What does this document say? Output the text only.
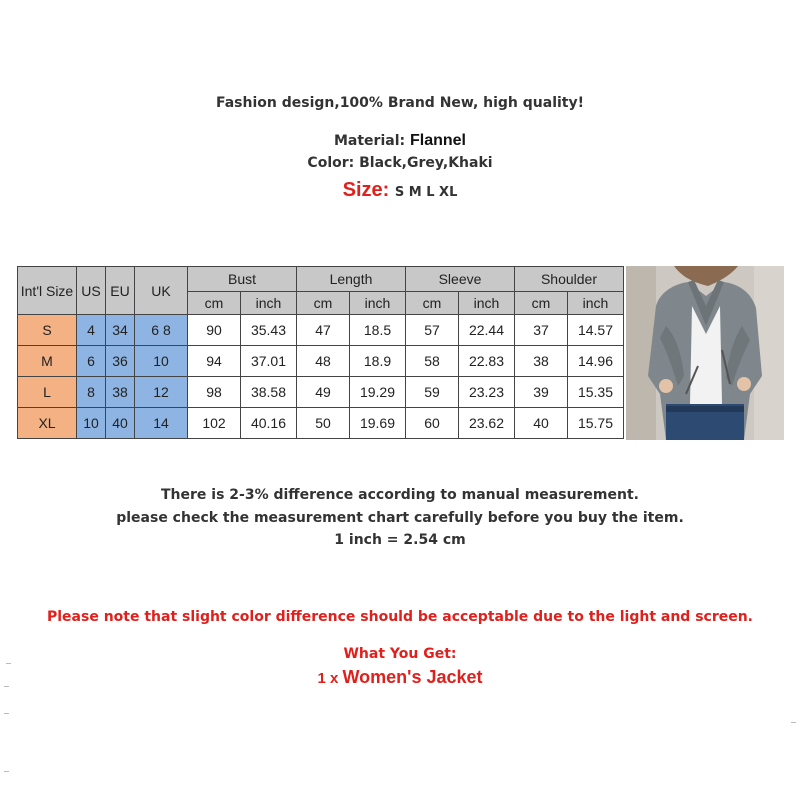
Fashion design,100% Brand New, high quality!
Material: Flannel
Color: Black,Grey,Khaki
Size: S M L XL
Int'l Size	US	EU	UK	Bust		Length		Sleeve		Shoulder	
				cm	inch	cm	inch	cm	inch	cm	inch
S	4	34	6 8	90	35.43	47	18.5	57	22.44	37	14.57
M	6	36	10	94	37.01	48	18.9	58	22.83	38	14.96
L	8	38	12	98	38.58	49	19.29	59	23.23	39	15.35
XL	10	40	14	102	40.16	50	19.69	60	23.62	40	15.75
There is 2-3% difference according to manual measurement.
please check the measurement chart carefully before you buy the item.
1 inch = 2.54 cm
Please note that slight color difference should be acceptable due to the light and screen.
What You Get:
1 x Women's Jacket
